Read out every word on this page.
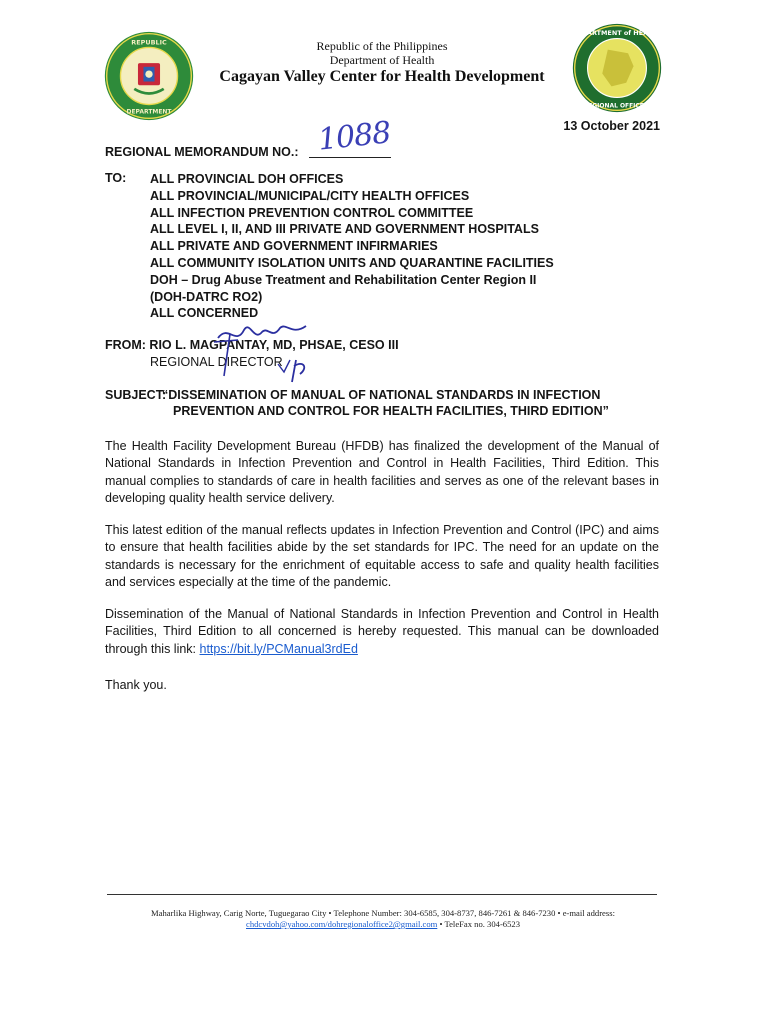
REPUBLIC
DEPARTMENT
DEPARTMENT of HEALTH
REGIONAL OFFICE II
Republic of the Philippines
Department of Health
Cagayan Valley Center for Health Development
13 October 2021
REGIONAL MEMORANDUM NO.: 1088
TO: ALL PROVINCIAL DOH OFFICES
ALL PROVINCIAL/MUNICIPAL/CITY HEALTH OFFICES
ALL INFECTION PREVENTION CONTROL COMMITTEE
ALL LEVEL I, II, AND III PRIVATE AND GOVERNMENT HOSPITALS
ALL PRIVATE AND GOVERNMENT INFIRMARIES
ALL COMMUNITY ISOLATION UNITS AND QUARANTINE FACILITIES
DOH – Drug Abuse Treatment and Rehabilitation Center Region II
(DOH-DATRC RO2)
ALL CONCERNED
FROM: RIO L. MAGPANTAY, MD, PHSAE, CESO III
REGIONAL DIRECTOR
SUBJECT:
“DISSEMINATION OF MANUAL OF NATIONAL STANDARDS IN INFECTION
PREVENTION AND CONTROL FOR HEALTH FACILITIES, THIRD EDITION”
The Health Facility Development Bureau (HFDB) has finalized the development of the Manual of National Standards in Infection Prevention and Control in Health Facilities, Third Edition. This manual complies to standards of care in health facilities and serves as one of the relevant bases in developing quality health service delivery.
This latest edition of the manual reflects updates in Infection Prevention and Control (IPC) and aims to ensure that health facilities abide by the set standards for IPC. The need for an update on the standards is necessary for the enrichment of equitable access to safe and quality health facilities and services especially at the time of the pandemic.
Dissemination of the Manual of National Standards in Infection Prevention and Control in Health Facilities, Third Edition to all concerned is hereby requested. This manual can be downloaded through this link: https://bit.ly/PCManual3rdEd
Thank you.
Maharlika Highway, Carig Norte, Tuguegarao City • Telephone Number: 304-6585, 304-8737, 846-7261 & 846-7230 • e-mail address:
chdcvdoh@yahoo.com/dohregionaloffice2@gmail.com • TeleFax no. 304-6523
